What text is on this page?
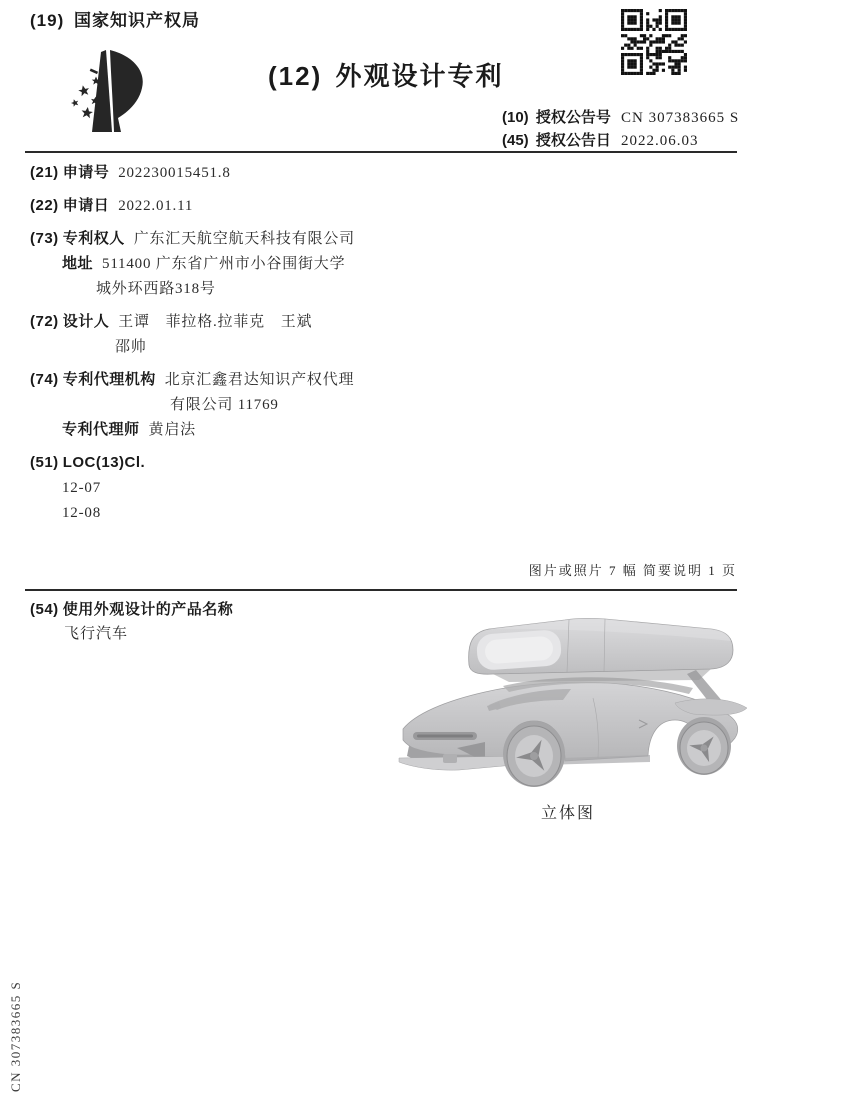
(19) 国家知识产权局
(12) 外观设计专利
(10) 授权公告号 CN 307383665 S
(45) 授权公告日 2022.06.03
(21) 申请号 202230015451.8
(22) 申请日 2022.01.11
(73) 专利权人 广东汇天航空航天科技有限公司
地址 511400 广东省广州市小谷围街大学
城外环西路318号
(72) 设计人 王谭　菲拉格.拉菲克　王斌
邵帅
(74) 专利代理机构 北京汇鑫君达知识产权代理
有限公司 11769
专利代理师 黄启法
(51) LOC(13)Cl.
12-07
12-08
图片或照片 7 幅 简要说明 1 页
(54) 使用外观设计的产品名称
飞行汽车
立体图
CN 307383665 S
